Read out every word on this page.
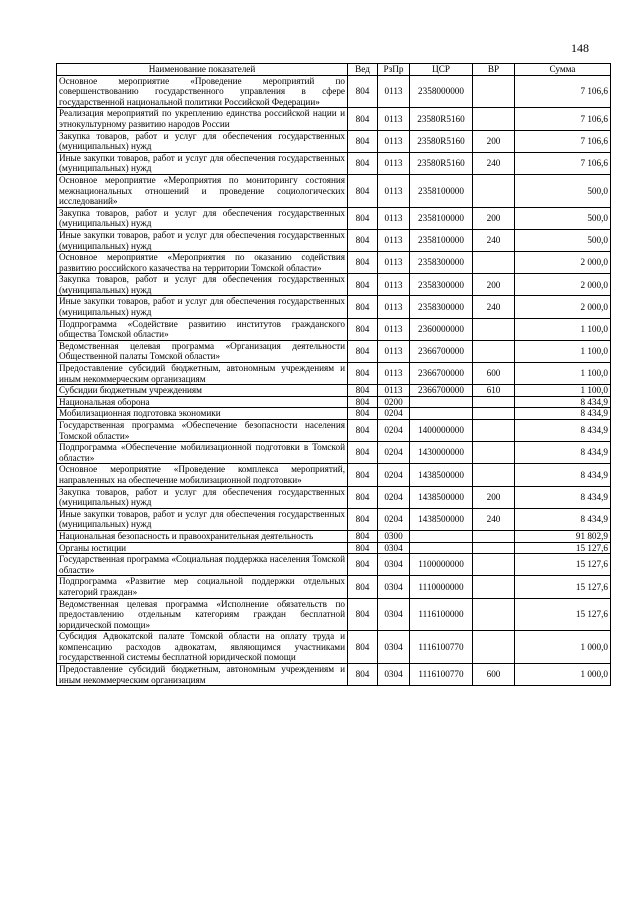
148
Наименование показателей	Вед	РзПр	ЦСР	ВР	Сумма
Основное мероприятие «Проведение мероприятий по совершенствованию государственного управления в сфере государственной национальной политики Российской Федерации»	804	0113	2358000000		7 106,6
Реализация мероприятий по укреплению единства российской нации и этнокультурному развитию народов России	804	0113	23580R5160		7 106,6
Закупка товаров, работ и услуг для обеспечения государственных (муниципальных) нужд	804	0113	23580R5160	200	7 106,6
Иные закупки товаров, работ и услуг для обеспечения государственных (муниципальных) нужд	804	0113	23580R5160	240	7 106,6
Основное мероприятие «Мероприятия по мониторингу состояния межнациональных отношений и проведение социологических исследований»	804	0113	2358100000		500,0
Закупка товаров, работ и услуг для обеспечения государственных (муниципальных) нужд	804	0113	2358100000	200	500,0
Иные закупки товаров, работ и услуг для обеспечения государственных (муниципальных) нужд	804	0113	2358100000	240	500,0
Основное мероприятие «Мероприятия по оказанию содействия развитию российского казачества на территории Томской области»	804	0113	2358300000		2 000,0
Закупка товаров, работ и услуг для обеспечения государственных (муниципальных) нужд	804	0113	2358300000	200	2 000,0
Иные закупки товаров, работ и услуг для обеспечения государственных (муниципальных) нужд	804	0113	2358300000	240	2 000,0
Подпрограмма «Содействие развитию институтов гражданского общества Томской области»	804	0113	2360000000		1 100,0
Ведомственная целевая программа «Организация деятельности Общественной палаты Томской области»	804	0113	2366700000		1 100,0
Предоставление субсидий бюджетным, автономным учреждениям и иным некоммерческим организациям	804	0113	2366700000	600	1 100,0
Субсидии бюджетным учреждениям	804	0113	2366700000	610	1 100,0
Национальная оборона	804	0200			8 434,9
Мобилизационная подготовка экономики	804	0204			8 434,9
Государственная программа «Обеспечение безопасности населения Томской области»	804	0204	1400000000		8 434,9
Подпрограмма «Обеспечение мобилизационной подготовки в Томской области»	804	0204	1430000000		8 434,9
Основное мероприятие «Проведение комплекса мероприятий, направленных на обеспечение мобилизационной подготовки»	804	0204	1438500000		8 434,9
Закупка товаров, работ и услуг для обеспечения государственных (муниципальных) нужд	804	0204	1438500000	200	8 434,9
Иные закупки товаров, работ и услуг для обеспечения государственных (муниципальных) нужд	804	0204	1438500000	240	8 434,9
Национальная безопасность и правоохранительная деятельность	804	0300			91 802,9
Органы юстиции	804	0304			15 127,6
Государственная программа «Социальная поддержка населения Томской области»	804	0304	1100000000		15 127,6
Подпрограмма «Развитие мер социальной поддержки отдельных категорий граждан»	804	0304	1110000000		15 127,6
Ведомственная целевая программа «Исполнение обязательств по предоставлению отдельным категориям граждан бесплатной юридической помощи»	804	0304	1116100000		15 127,6
Субсидия Адвокатской палате Томской области на оплату труда и компенсацию расходов адвокатам, являющимся участниками государственной системы бесплатной юридической помощи	804	0304	1116100770		1 000,0
Предоставление субсидий бюджетным, автономным учреждениям и иным некоммерческим организациям	804	0304	1116100770	600	1 000,0
